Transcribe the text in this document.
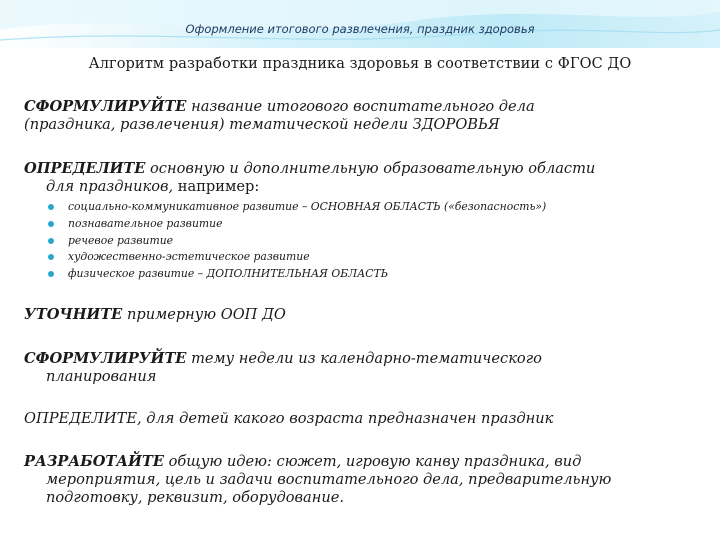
Оформление итогового развлечения, праздник здоровья
Алгоритм разработки праздника здоровья в соответствии с ФГОС ДО
СФОРМУЛИРУЙТЕ название итогового воспитательного дела
(праздника, развлечения) тематической недели ЗДОРОВЬЯ
ОПРЕДЕЛИТЕ основную и дополнительную образовательную области
для праздников, например:
социально-коммуникативное развитие – ОСНОВНАЯ ОБЛАСТЬ («безопасность»)
познавательное развитие
речевое развитие
художественно-эстетическое развитие
физическое развитие – ДОПОЛНИТЕЛЬНАЯ ОБЛАСТЬ
УТОЧНИТЕ примерную ООП ДО
СФОРМУЛИРУЙТЕ тему недели из календарно-тематического
планирования
ОПРЕДЕЛИТЕ, для детей какого возраста предназначен праздник
РАЗРАБОТАЙТЕ общую идею: сюжет, игровую канву праздника, вид
мероприятия, цель и задачи воспитательного дела, предварительную
подготовку, реквизит, оборудование.
